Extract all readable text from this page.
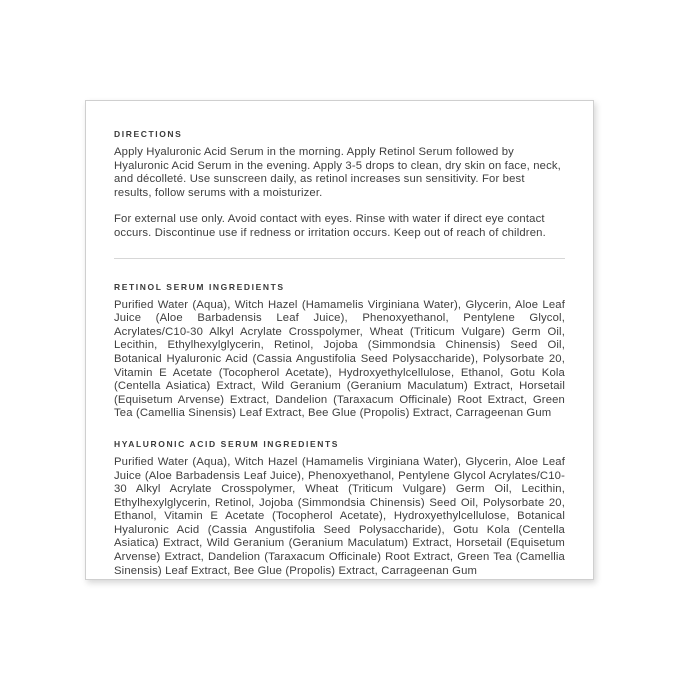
DIRECTIONS

Apply Hyaluronic Acid Serum in the morning. Apply Retinol Serum followed by Hyaluronic Acid Serum in the evening. Apply 3-5 drops to clean, dry skin on face, neck, and décolleté. Use sunscreen daily, as retinol increases sun sensitivity. For best results, follow serums with a moisturizer.

For external use only. Avoid contact with eyes. Rinse with water if direct eye contact occurs. Discontinue use if redness or irritation occurs. Keep out of reach of children.

RETINOL SERUM INGREDIENTS

Purified Water (Aqua), Witch Hazel (Hamamelis Virginiana Water), Glycerin, Aloe Leaf Juice (Aloe Barbadensis Leaf Juice), Phenoxyethanol, Pentylene Glycol, Acrylates/C10-30 Alkyl Acrylate Crosspolymer, Wheat (Triticum Vulgare) Germ Oil, Lecithin, Ethylhexylglycerin, Retinol, Jojoba (Simmondsia Chinensis) Seed Oil, Botanical Hyaluronic Acid (Cassia Angustifolia Seed Polysaccharide), Polysorbate 20, Vitamin E Acetate (Tocopherol Acetate), Hydroxyethylcellulose, Ethanol, Gotu Kola (Centella Asiatica) Extract, Wild Geranium (Geranium Maculatum) Extract, Horsetail (Equisetum Arvense) Extract, Dandelion (Taraxacum Officinale) Root Extract, Green Tea (Camellia Sinensis) Leaf Extract, Bee Glue (Propolis) Extract, Carrageenan Gum

HYALURONIC ACID SERUM INGREDIENTS

Purified Water (Aqua), Witch Hazel (Hamamelis Virginiana Water), Glycerin, Aloe Leaf Juice (Aloe Barbadensis Leaf Juice), Phenoxyethanol, Pentylene Glycol Acrylates/C10-30 Alkyl Acrylate Crosspolymer, Wheat (Triticum Vulgare) Germ Oil, Lecithin, Ethylhexylglycerin, Retinol, Jojoba (Simmondsia Chinensis) Seed Oil, Polysorbate 20, Ethanol, Vitamin E Acetate (Tocopherol Acetate), Hydroxyethylcellulose, Botanical Hyaluronic Acid (Cassia Angustifolia Seed Polysaccharide), Gotu Kola (Centella Asiatica) Extract, Wild Geranium (Geranium Maculatum) Extract, Horsetail (Equisetum Arvense) Extract, Dandelion (Taraxacum Officinale) Root Extract, Green Tea (Camellia Sinensis) Leaf Extract, Bee Glue (Propolis) Extract, Carrageenan Gum
